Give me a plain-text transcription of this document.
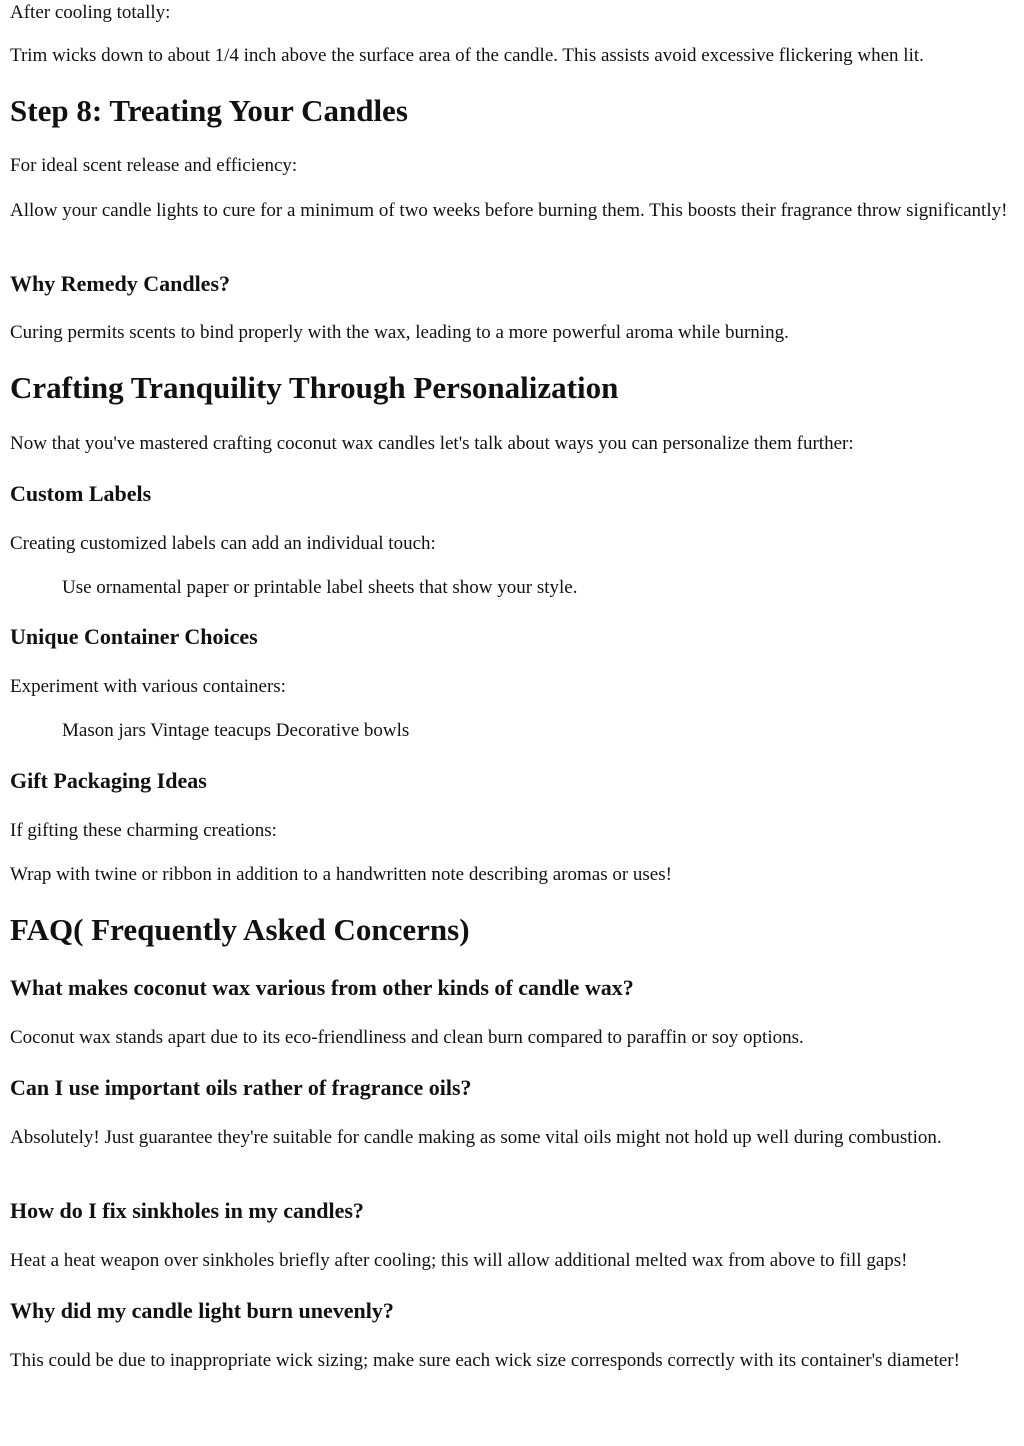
After cooling totally:

Trim wicks down to about 1/4 inch above the surface area of the candle. This assists avoid excessive flickering when lit.

Step 8: Treating Your Candles

For ideal scent release and efficiency:

Allow your candle lights to cure for a minimum of two weeks before burning them. This boosts their fragrance throw significantly!

Why Remedy Candles?

Curing permits scents to bind properly with the wax, leading to a more powerful aroma while burning.

Crafting Tranquility Through Personalization

Now that you've mastered crafting coconut wax candles let's talk about ways you can personalize them further:

Custom Labels

Creating customized labels can add an individual touch:

Use ornamental paper or printable label sheets that show your style.

Unique Container Choices

Experiment with various containers:

Mason jars Vintage teacups Decorative bowls

Gift Packaging Ideas

If gifting these charming creations:

Wrap with twine or ribbon in addition to a handwritten note describing aromas or uses!

FAQ( Frequently Asked Concerns)
What makes coconut wax various from other kinds of candle wax?

Coconut wax stands apart due to its eco-friendliness and clean burn compared to paraffin or soy options.

Can I use important oils rather of fragrance oils?

Absolutely! Just guarantee they're suitable for candle making as some vital oils might not hold up well during combustion.

How do I fix sinkholes in my candles?

Heat a heat weapon over sinkholes briefly after cooling; this will allow additional melted wax from above to fill gaps!

Why did my candle light burn unevenly?

This could be due to inappropriate wick sizing; make sure each wick size corresponds correctly with its container's diameter!
